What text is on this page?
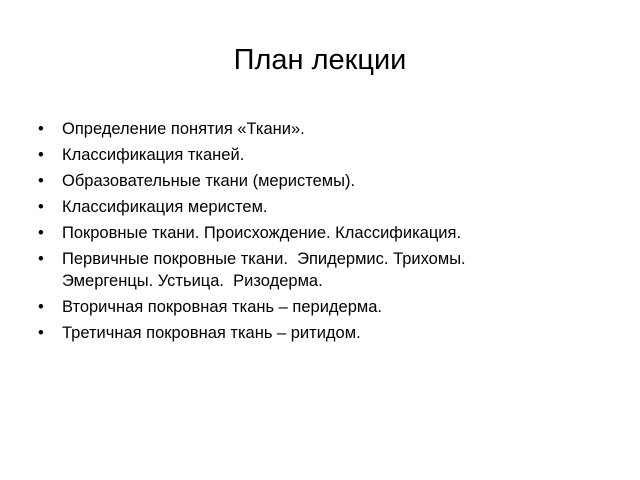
План лекции
•	Определение понятия «Ткани».
•	Классификация тканей.
•	Образовательные ткани (меристемы).
•	Классификация меристем.
•	Покровные ткани. Происхождение. Классификация.
•	Первичные покровные ткани.  Эпидермис. Трихомы.
Эмергенцы. Устьица.  Ризодерма.
•	Вторичная покровная ткань – перидерма.
•	Третичная покровная ткань – ритидом.
